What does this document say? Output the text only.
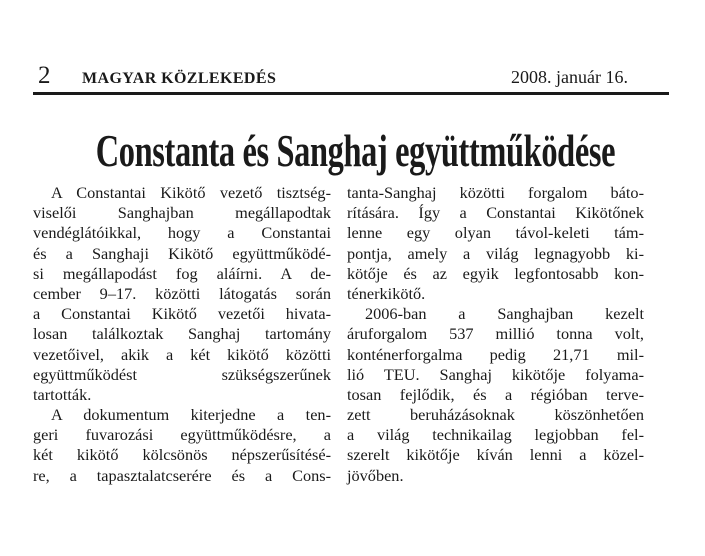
2 MAGYAR KÖZLEKEDÉS	2008. január 16.
Constanta és Sanghaj együttműködése
A Constantai Kikötő vezető tisztség-
viselői Sanghajban megállapodtak
vendéglátóikkal, hogy a Constantai
és a Sanghaji Kikötő együttműködé-
si megállapodást fog aláírni. A de-
cember 9–17. közötti látogatás során
a Constantai Kikötő vezetői hivata-
losan találkoztak Sanghaj tartomány
vezetőivel, akik a két kikötő közötti
együttműködést szükségszerűnek
tartották.
A dokumentum kiterjedne a ten-
geri fuvarozási együttműködésre, a
két kikötő kölcsönös népszerűsítésé-
re, a tapasztalatcserére és a Cons-
tanta-Sanghaj közötti forgalom báto-
rítására. Így a Constantai Kikötőnek
lenne egy olyan távol-keleti tám-
pontja, amely a világ legnagyobb ki-
kötője és az egyik legfontosabb kon-
ténerkikötő.
2006-ban a Sanghajban kezelt
áruforgalom 537 millió tonna volt,
konténerforgalma pedig 21,71 mil-
lió TEU. Sanghaj kikötője folyama-
tosan fejlődik, és a régióban terve-
zett beruházásoknak köszönhetően
a világ technikailag legjobban fel-
szerelt kikötője kíván lenni a közel-
jövőben.
